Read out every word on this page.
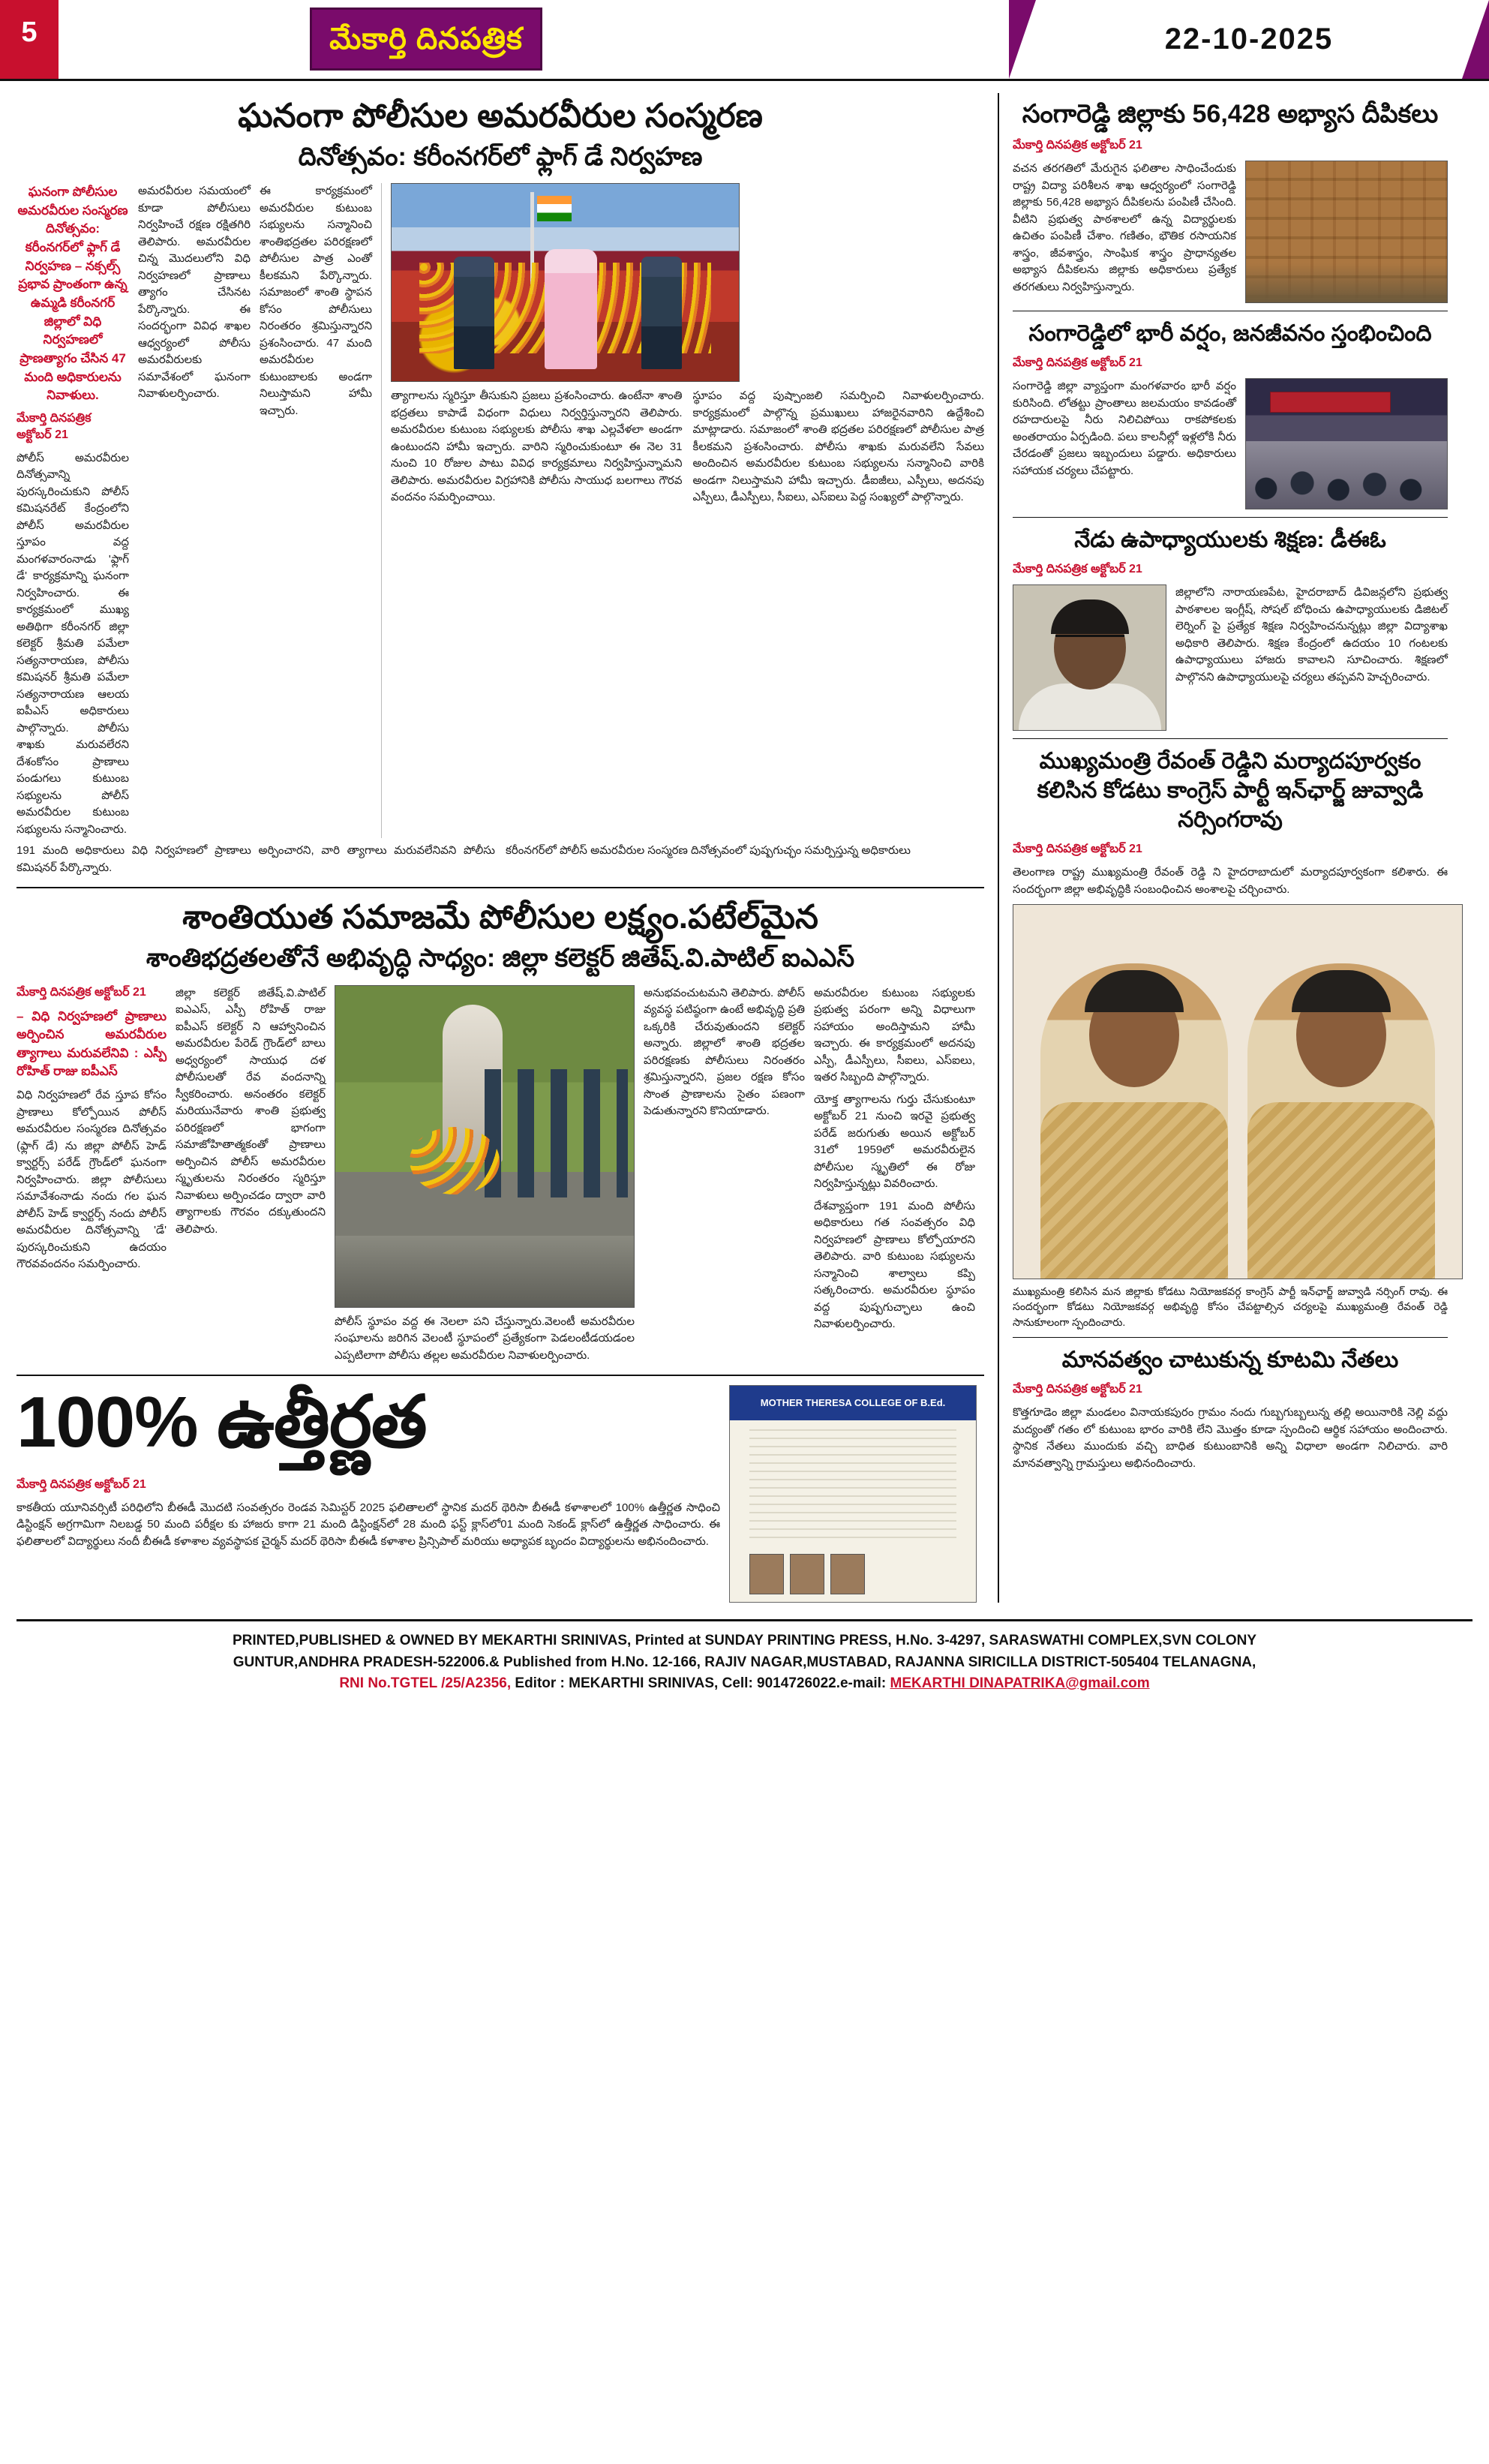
5	మేకార్తి దినపత్రిక	22-10-2025
ఘనంగా పోలీసుల అమరవీరుల సంస్మరణ
దినోత్సవం: కరీంనగర్‌లో ఫ్లాగ్ డే నిర్వహణ
ఘనంగా పోలీసుల అమరవీరుల సంస్మరణ దినోత్సవం: కరీంనగర్‌లో ఫ్లాగ్ డే నిర్వహణ – నక్సల్స్ ప్రభావ ప్రాంతంగా ఉన్న ఉమ్మడి కరీంనగర్ జిల్లాలో విధి నిర్వహణలో ప్రాణత్యాగం చేసిన 47 మంది అధికారులను నివాళులు.
మేకార్తి దినపత్రిక అక్టోబర్ 21
పోలీస్ అమరవీరుల దినోత్సవాన్ని పురస్కరించుకుని పోలీస్ కమిషనరేట్ కేంద్రంలోని పోలీస్ అమరవీరుల స్తూపం వద్ద మంగళవారంనాడు 'ఫ్లాగ్ డే' కార్యక్రమాన్ని ఘనంగా నిర్వహించారు. ఈ కార్యక్రమంలో ముఖ్య అతిథిగా కరీంనగర్ జిల్లా కలెక్టర్ శ్రీమతి పమేలా సత్యనారాయణ, పోలీసు కమిషనర్ శ్రీమతి పమేలా సత్యనారాయణ ఆలయ ఐపీఎస్ అధికారులు పాల్గొన్నారు. పోలీసు శాఖకు మరువలేరని దేశంకోసం ప్రాణాలు పండుగలు కుటుంబ సభ్యులను పోలీస్ అమరవీరుల కుటుంబ సభ్యులను సన్మానించారు.
అమరవీరుల సమయంలో కూడా పోలీసులు నిర్వహించే రక్షణ రక్షితగిరి తెలిపారు. అమరవీరుల చిన్న మొదలులోని విధి నిర్వహణలో ప్రాణాలు త్యాగం చేసినట పేర్కొన్నారు. ఈ సందర్భంగా వివిధ శాఖల ఆధ్వర్యంలో పోలీసు అమరవీరులకు సమావేశంలో ఘనంగా నివాళులర్పించారు.
ఈ కార్యక్రమంలో అమరవీరుల కుటుంబ సభ్యులను సన్మానించి శాంతిభద్రతల పరిరక్షణలో పోలీసుల పాత్ర ఎంతో కీలకమని పేర్కొన్నారు. సమాజంలో శాంతి స్థాపన కోసం పోలీసులు నిరంతరం శ్రమిస్తున్నారని ప్రశంసించారు. 47 మంది అమరవీరుల కుటుంబాలకు అండగా నిలుస్తామని హామీ ఇచ్చారు.
త్యాగాలను స్మరిస్తూ తీసుకుని ప్రజలు ప్రశంసించారు. ఉంటేనా శాంతి భద్రతలు కాపాడే విధంగా విధులు నిర్వర్తిస్తున్నారని తెలిపారు. అమరవీరుల కుటుంబ సభ్యులకు పోలీసు శాఖ ఎల్లవేళలా అండగా ఉంటుందని హామీ ఇచ్చారు. వారిని స్మరించుకుంటూ ఈ నెల 31 నుంచి 10 రోజుల పాటు వివిధ కార్యక్రమాలు నిర్వహిస్తున్నామని తెలిపారు. అమరవీరుల విగ్రహానికి పోలీసు సాయుధ బలగాలు గౌరవ వందనం సమర్పించాయి.
స్థూపం వద్ద పుష్పాంజలి సమర్పించి నివాళులర్పించారు. కార్యక్రమంలో పాల్గొన్న ప్రముఖులు హాజరైనవారిని ఉద్దేశించి మాట్లాడారు. సమాజంలో శాంతి భద్రతల పరిరక్షణలో పోలీసుల పాత్ర కీలకమని ప్రశంసించారు. పోలీసు శాఖకు మరువలేని సేవలు అందించిన అమరవీరుల కుటుంబ సభ్యులను సన్మానించి వారికి అండగా నిలుస్తామని హామీ ఇచ్చారు. డీఐజీలు, ఎస్పీలు, అదనపు ఎస్పీలు, డీఎస్పీలు, సీఐలు, ఎస్ఐలు పెద్ద సంఖ్యలో పాల్గొన్నారు.
191 మంది అధికారులు విధి నిర్వహణలో ప్రాణాలు అర్పించారని, వారి త్యాగాలు మరువలేనివని పోలీసు కమిషనర్ పేర్కొన్నారు.
కరీంనగర్‌లో పోలీస్ అమరవీరుల సంస్మరణ దినోత్సవంలో పుష్పగుచ్ఛం సమర్పిస్తున్న అధికారులు
శాంతియుత సమాజమే పోలీసుల లక్ష్యం.పటేల్‌మైన
శాంతిభద్రతలతోనే అభివృద్ధి సాధ్యం: జిల్లా కలెక్టర్ జితేష్.వి.పాటిల్ ఐఎఎస్
మేకార్తి దినపత్రిక అక్టోబర్ 21
– విధి నిర్వహణలో ప్రాణాలు అర్పించిన అమరవీరుల త్యాగాలు మరువలేనివి : ఎస్పీ రోహిత్ రాజు ఐపీఎస్
విధి నిర్వహణలో రేవ స్తూప కోసం ప్రాణాలు కోల్పోయిన పోలీస్ అమరవీరుల సంస్మరణ దినోత్సవం (ఫ్లాగ్ డే) ను జిల్లా పోలీస్ హెడ్ క్వార్టర్స్ పరేడ్ గ్రౌండ్‌లో ఘనంగా నిర్వహించారు. జిల్లా పోలీసులు సమావేశంనాడు నందు గల ఘన పోలీస్ హెడ్ క్వార్టర్స్ నందు పోలీస్ అమరవీరుల దినోత్సవాన్ని 'డే' పురస్కరించుకుని ఉదయం గౌరవవందనం సమర్పించారు.
జిల్లా కలెక్టర్ జితేష్.వి.పాటిల్ ఐఎఎస్, ఎస్పీ రోహిత్ రాజు ఐపీఎస్ కలెక్టర్ ని ఆహ్వానించిన అమరవీరుల పేరెడ్ గ్రౌండ్‌లో బాలు అధ్వర్యంలో సాయుధ దళ పోలీసులతో రేవ వందనాన్ని స్వీకరించారు. అనంతరం కలెక్టర్ మరియునేవారు శాంతి ప్రభుత్వ పరిరక్షణలో భాగంగా సమాజోహితాత్మకంతో ప్రాణాలు అర్పించిన పోలీస్ అమరవీరుల స్మృతులను నిరంతరం స్మరిస్తూ నివాళులు అర్పించడం ద్వారా వారి త్యాగాలకు గౌరవం దక్కుతుందని తెలిపారు.
పోలీస్ స్థూపం వద్ద ఈ నెలలా పని చేస్తున్నారు.వెలంటీ అమరవీరుల సంఘాలను జరిగిన వెలంటీ స్థూపంలో ప్రత్యేకంగా పెడలంటీడయడంల ఎప్పటిలాగా పోలీసు తల్లల అమరవీరుల నివాళులర్పించారు.
అనుభవంచుటమని తెలిపారు. పోలీస్ వ్యవస్థ పటిష్ఠంగా ఉంటే అభివృద్ధి ప్రతి ఒక్కరికి చేరువుతుందని కలెక్టర్ అన్నారు. జిల్లాలో శాంతి భద్రతల పరిరక్షణకు పోలీసులు నిరంతరం శ్రమిస్తున్నారని, ప్రజల రక్షణ కోసం సొంత ప్రాణాలను సైతం పణంగా పెడుతున్నారని కొనియాడారు.
అమరవీరుల కుటుంబ సభ్యులకు ప్రభుత్వ పరంగా అన్ని విధాలుగా సహాయం అందిస్తామని హామీ ఇచ్చారు. ఈ కార్యక్రమంలో అదనపు ఎస్పీ, డీఎస్పీలు, సీఐలు, ఎస్ఐలు, ఇతర సిబ్బంది పాల్గొన్నారు.
యోక్త త్యాగాలను గుర్తు చేసుకుంటూ అక్టోబర్ 21 నుంచి ఇరవై ప్రభుత్వ పరేడ్ జరుగుతు అయిన అక్టోబర్ 31లో 1959లో అమరవీరులైన పోలీసుల స్మృతిలో ఈ రోజు నిర్వహిస్తున్నట్లు వివరించారు.
దేశవ్యాప్తంగా 191 మంది పోలీసు అధికారులు గత సంవత్సరం విధి నిర్వహణలో ప్రాణాలు కోల్పోయారని తెలిపారు. వారి కుటుంబ సభ్యులను సన్మానించి శాల్వాలు కప్పి సత్కరించారు. అమరవీరుల స్థూపం వద్ద పుష్పగుచ్ఛాలు ఉంచి నివాళులర్పించారు.
100% ఉత్తీర్ణత
మేకార్తి దినపత్రిక అక్టోబర్ 21
కాకతీయ యూనివర్సిటీ పరిధిలోని బీఈడీ మొదటి సంవత్సరం రెండవ సెమిస్టర్ 2025 ఫలితాలలో స్థానిక మదర్ థెరిసా బీఈడీ కళాశాలలో 100% ఉత్తీర్ణత సాధించి డిస్టింక్షన్ అగ్రగామిగా నిలబడ్డ 50 మంది పరీక్షల కు హాజరు కాగా 21 మంది డిస్టింక్షన్‌లో 28 మంది ఫస్ట్ క్లాస్‌లో01 మంది సెకండ్ క్లాస్‌లో ఉత్తీర్ణత సాధించారు. ఈ ఫలితాలలో విద్యార్థులు నందీ బీఈడీ కళాశాల వ్యవస్థాపక చైర్మన్ మదర్ థెరిసా బీఈడీ కళాశాల ప్రిన్సిపాల్ మరియు అధ్యాపక బృందం విద్యార్థులను అభినందించారు.
MOTHER THERESA COLLEGE OF B.Ed.
సంగారెడ్డి జిల్లాకు 56,428 అభ్యాస దీపికలు
మేకార్తి దినపత్రిక అక్టోబర్ 21
వచన తరగతిలో మేరుగైన ఫలితాల సాధించేందుకు రాష్ట్ర విద్యా పరిశీలన శాఖ ఆధ్వర్యంలో సంగారెడ్డి జిల్లాకు 56,428 అభ్యాస దీపికలను పంపిణీ చేసింది. వీటిని ప్రభుత్వ పాఠశాలలో ఉన్న విద్యార్థులకు ఉచితం పంపిణీ చేశాం. గణితం, భౌతిక రసాయనిక శాస్త్రం, జీవశాస్త్రం, సాంఘిక శాస్త్రం ప్రాధాన్యతల అభ్యాస దీపికలను జిల్లాకు అధికారులు ప్రత్యేక తరగతులు నిర్వహిస్తున్నారు.
సంగారెడ్డిలో భారీ వర్షం, జనజీవనం స్తంభించింది
మేకార్తి దినపత్రిక అక్టోబర్ 21
సంగారెడ్డి జిల్లా వ్యాప్తంగా మంగళవారం భారీ వర్షం కురిసింది. లోతట్టు ప్రాంతాలు జలమయం కావడంతో రహదారులపై నీరు నిలిచిపోయి రాకపోకలకు అంతరాయం ఏర్పడింది. పలు కాలనీల్లో ఇళ్లలోకి నీరు చేరడంతో ప్రజలు ఇబ్బందులు పడ్డారు. అధికారులు సహాయక చర్యలు చేపట్టారు.
నేడు ఉపాధ్యాయులకు శిక్షణ: డీఈఓ
మేకార్తి దినపత్రిక అక్టోబర్ 21
జిల్లాలోని నారాయణపేట, హైదరాబాద్ డివిజన్లలోని ప్రభుత్వ పాఠశాలల ఇంగ్లీష్, సోషల్ బోధించు ఉపాధ్యాయులకు డిజిటల్ లెర్నింగ్ పై ప్రత్యేక శిక్షణ నిర్వహించనున్నట్లు జిల్లా విద్యాశాఖ అధికారి తెలిపారు. శిక్షణ కేంద్రంలో ఉదయం 10 గంటలకు ఉపాధ్యాయులు హాజరు కావాలని సూచించారు. శిక్షణలో పాల్గొనని ఉపాధ్యాయులపై చర్యలు తప్పవని హెచ్చరించారు.
ముఖ్యమంత్రి రేవంత్ రెడ్డిని మర్యాదపూర్వకం కలిసిన కోడటు కాంగ్రెస్ పార్టీ ఇన్‌ఛార్జ్ జువ్వాడి నర్సింగరావు
మేకార్తి దినపత్రిక అక్టోబర్ 21
తెలంగాణ రాష్ట్ర ముఖ్యమంత్రి రేవంత్ రెడ్డి ని హైదరాబాదులో మర్యాదపూర్వకంగా కలిశారు. ఈ సందర్భంగా జిల్లా అభివృద్ధికి సంబంధించిన అంశాలపై చర్చించారు.
ముఖ్యమంత్రి కలిసిన మన జిల్లాకు కోడటు నియోజకవర్గ కాంగ్రెస్ పార్టీ ఇన్‌ఛార్జ్ జువ్వాడి నర్సింగ్ రావు. ఈ సందర్భంగా కోడటు నియోజకవర్గ అభివృద్ధి కోసం చేపట్టాల్సిన చర్యలపై ముఖ్యమంత్రి రేవంత్ రెడ్డి సానుకూలంగా స్పందించారు.
మానవత్వం చాటుకున్న కూటమి నేతలు
మేకార్తి దినపత్రిక అక్టోబర్ 21
కొత్తగూడెం జిల్లా మండలం వినాయకపురం గ్రామం నందు గుబ్బగుబ్బలున్న తల్లి అయినారికి నెల్లి వద్దు మద్యంతో గతం లో కుటుంబ భారం వారికి లేని మొత్తం కూడా స్పందించి ఆర్థిక సహాయం అందించారు. స్థానిక నేతలు ముందుకు వచ్చి బాధిత కుటుంబానికి అన్ని విధాలా అండగా నిలిచారు. వారి మానవత్వాన్ని గ్రామస్తులు అభినందించారు.
PRINTED,PUBLISHED & OWNED BY MEKARTHI SRINIVAS, Printed at SUNDAY PRINTING PRESS, H.No. 3-4297, SARASWATHI COMPLEX,SVN COLONY
GUNTUR,ANDHRA PRADESH-522006.& Published from H.No. 12-166, RAJIV NAGAR,MUSTABAD, RAJANNA SIRICILLA DISTRICT-505404 TELANAGNA,
RNI No.TGTEL /25/A2356, Editor : MEKARTHI SRINIVAS, Cell: 9014726022.e-mail: MEKARTHI DINAPATRIKA@gmail.com
